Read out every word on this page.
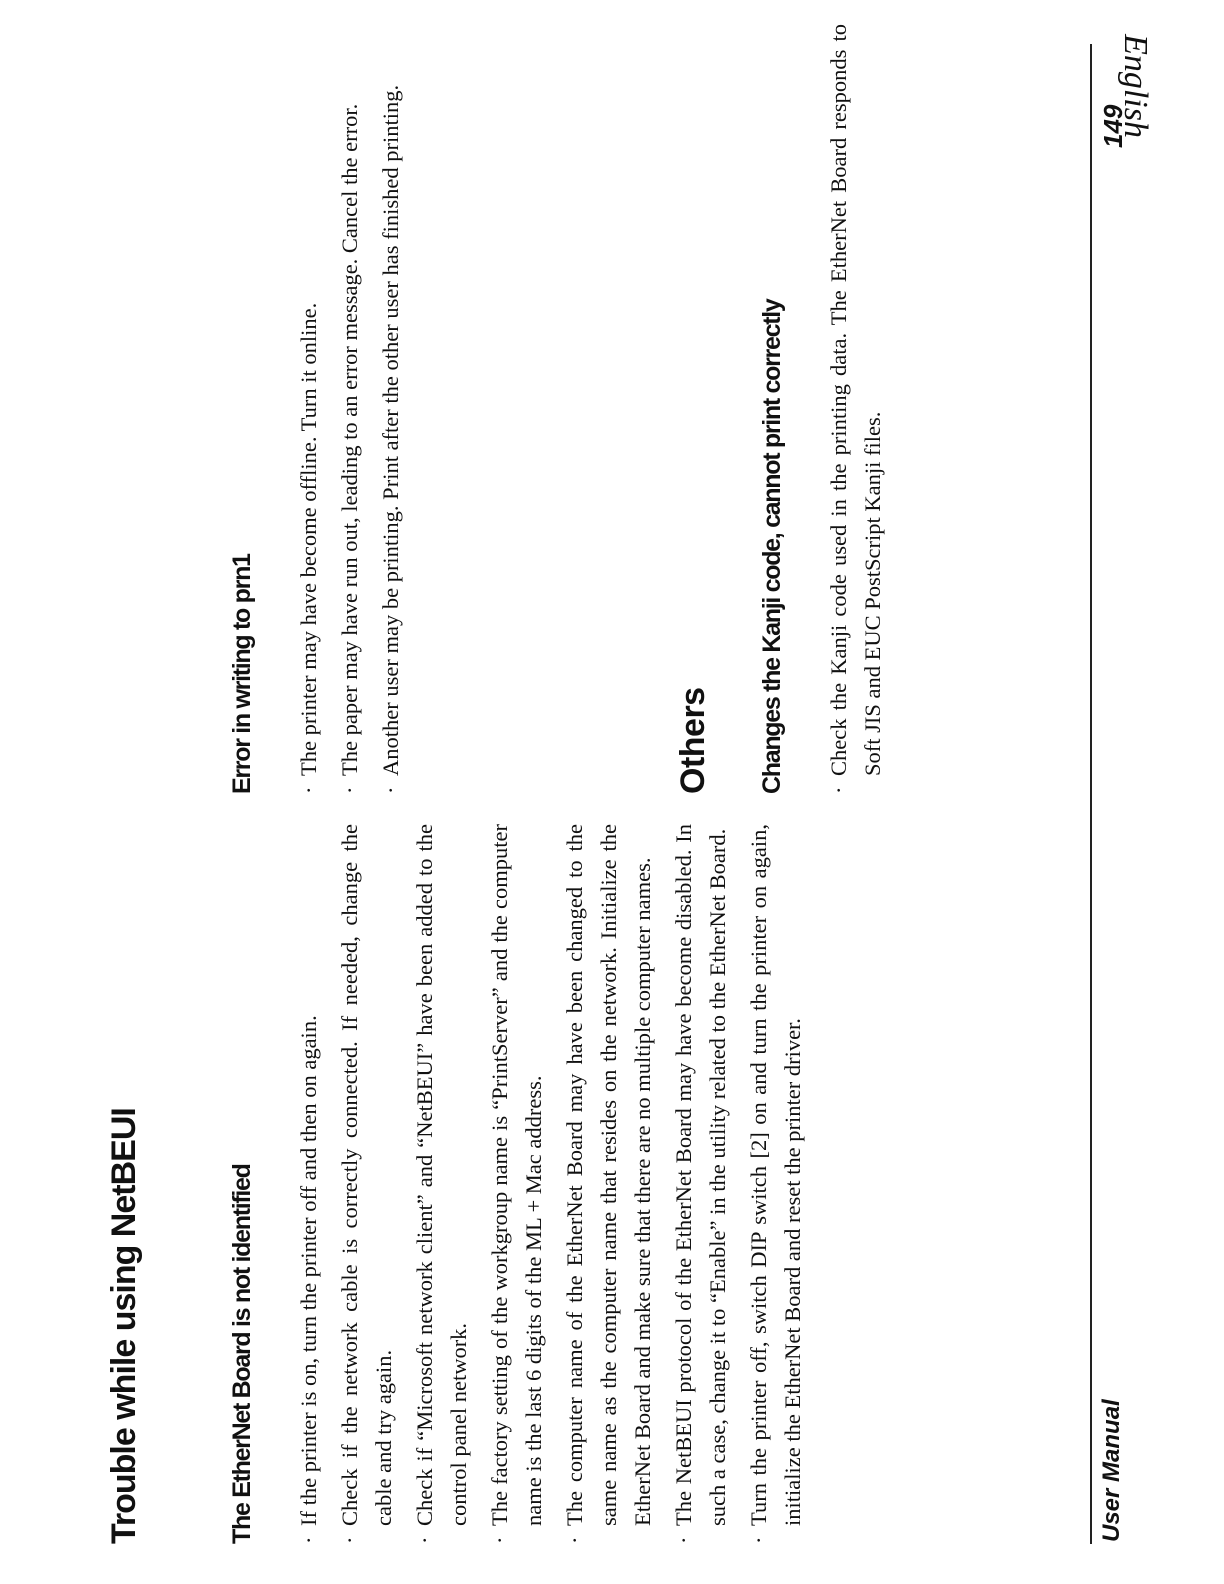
Trouble while using NetBEUI
English
The EtherNet Board is not identified ·
If the printer is on, turn the printer off and then on again.
·
Check if the network cable is correctly connected. If needed, change the cable and try again.
·
Check if “Microsoft network client” and “NetBEUI” have been added to the control panel network.
·
The factory setting of the workgroup name is “PrintServer” and the computer name is the last 6 digits of the ML + Mac address.
·
The computer name of the EtherNet Board may have been changed to the same name as the computer name that resides on the network. Initialize the EtherNet Board and make sure that there are no multiple computer names.
·
The NetBEUI protocol of the EtherNet Board may have become disabled. In such a case, change it to “Enable” in the utility related to the EtherNet Board.
·
Turn the printer off, switch DIP switch [2] on and turn the printer on again, initialize the EtherNet Board and reset the printer driver.
Error in writing to prn1 ·
The printer may have become offline. Turn it online.
·
The paper may have run out, leading to an error message. Cancel the error.
·
Another user may be printing. Print after the other user has finished printing.	Others Changes the Kanji code, cannot print correctly ·
Check the Kanji code used in the printing data. The EtherNet Board responds to Soft JIS and EUC PostScript Kanji files.
User Manual
149
